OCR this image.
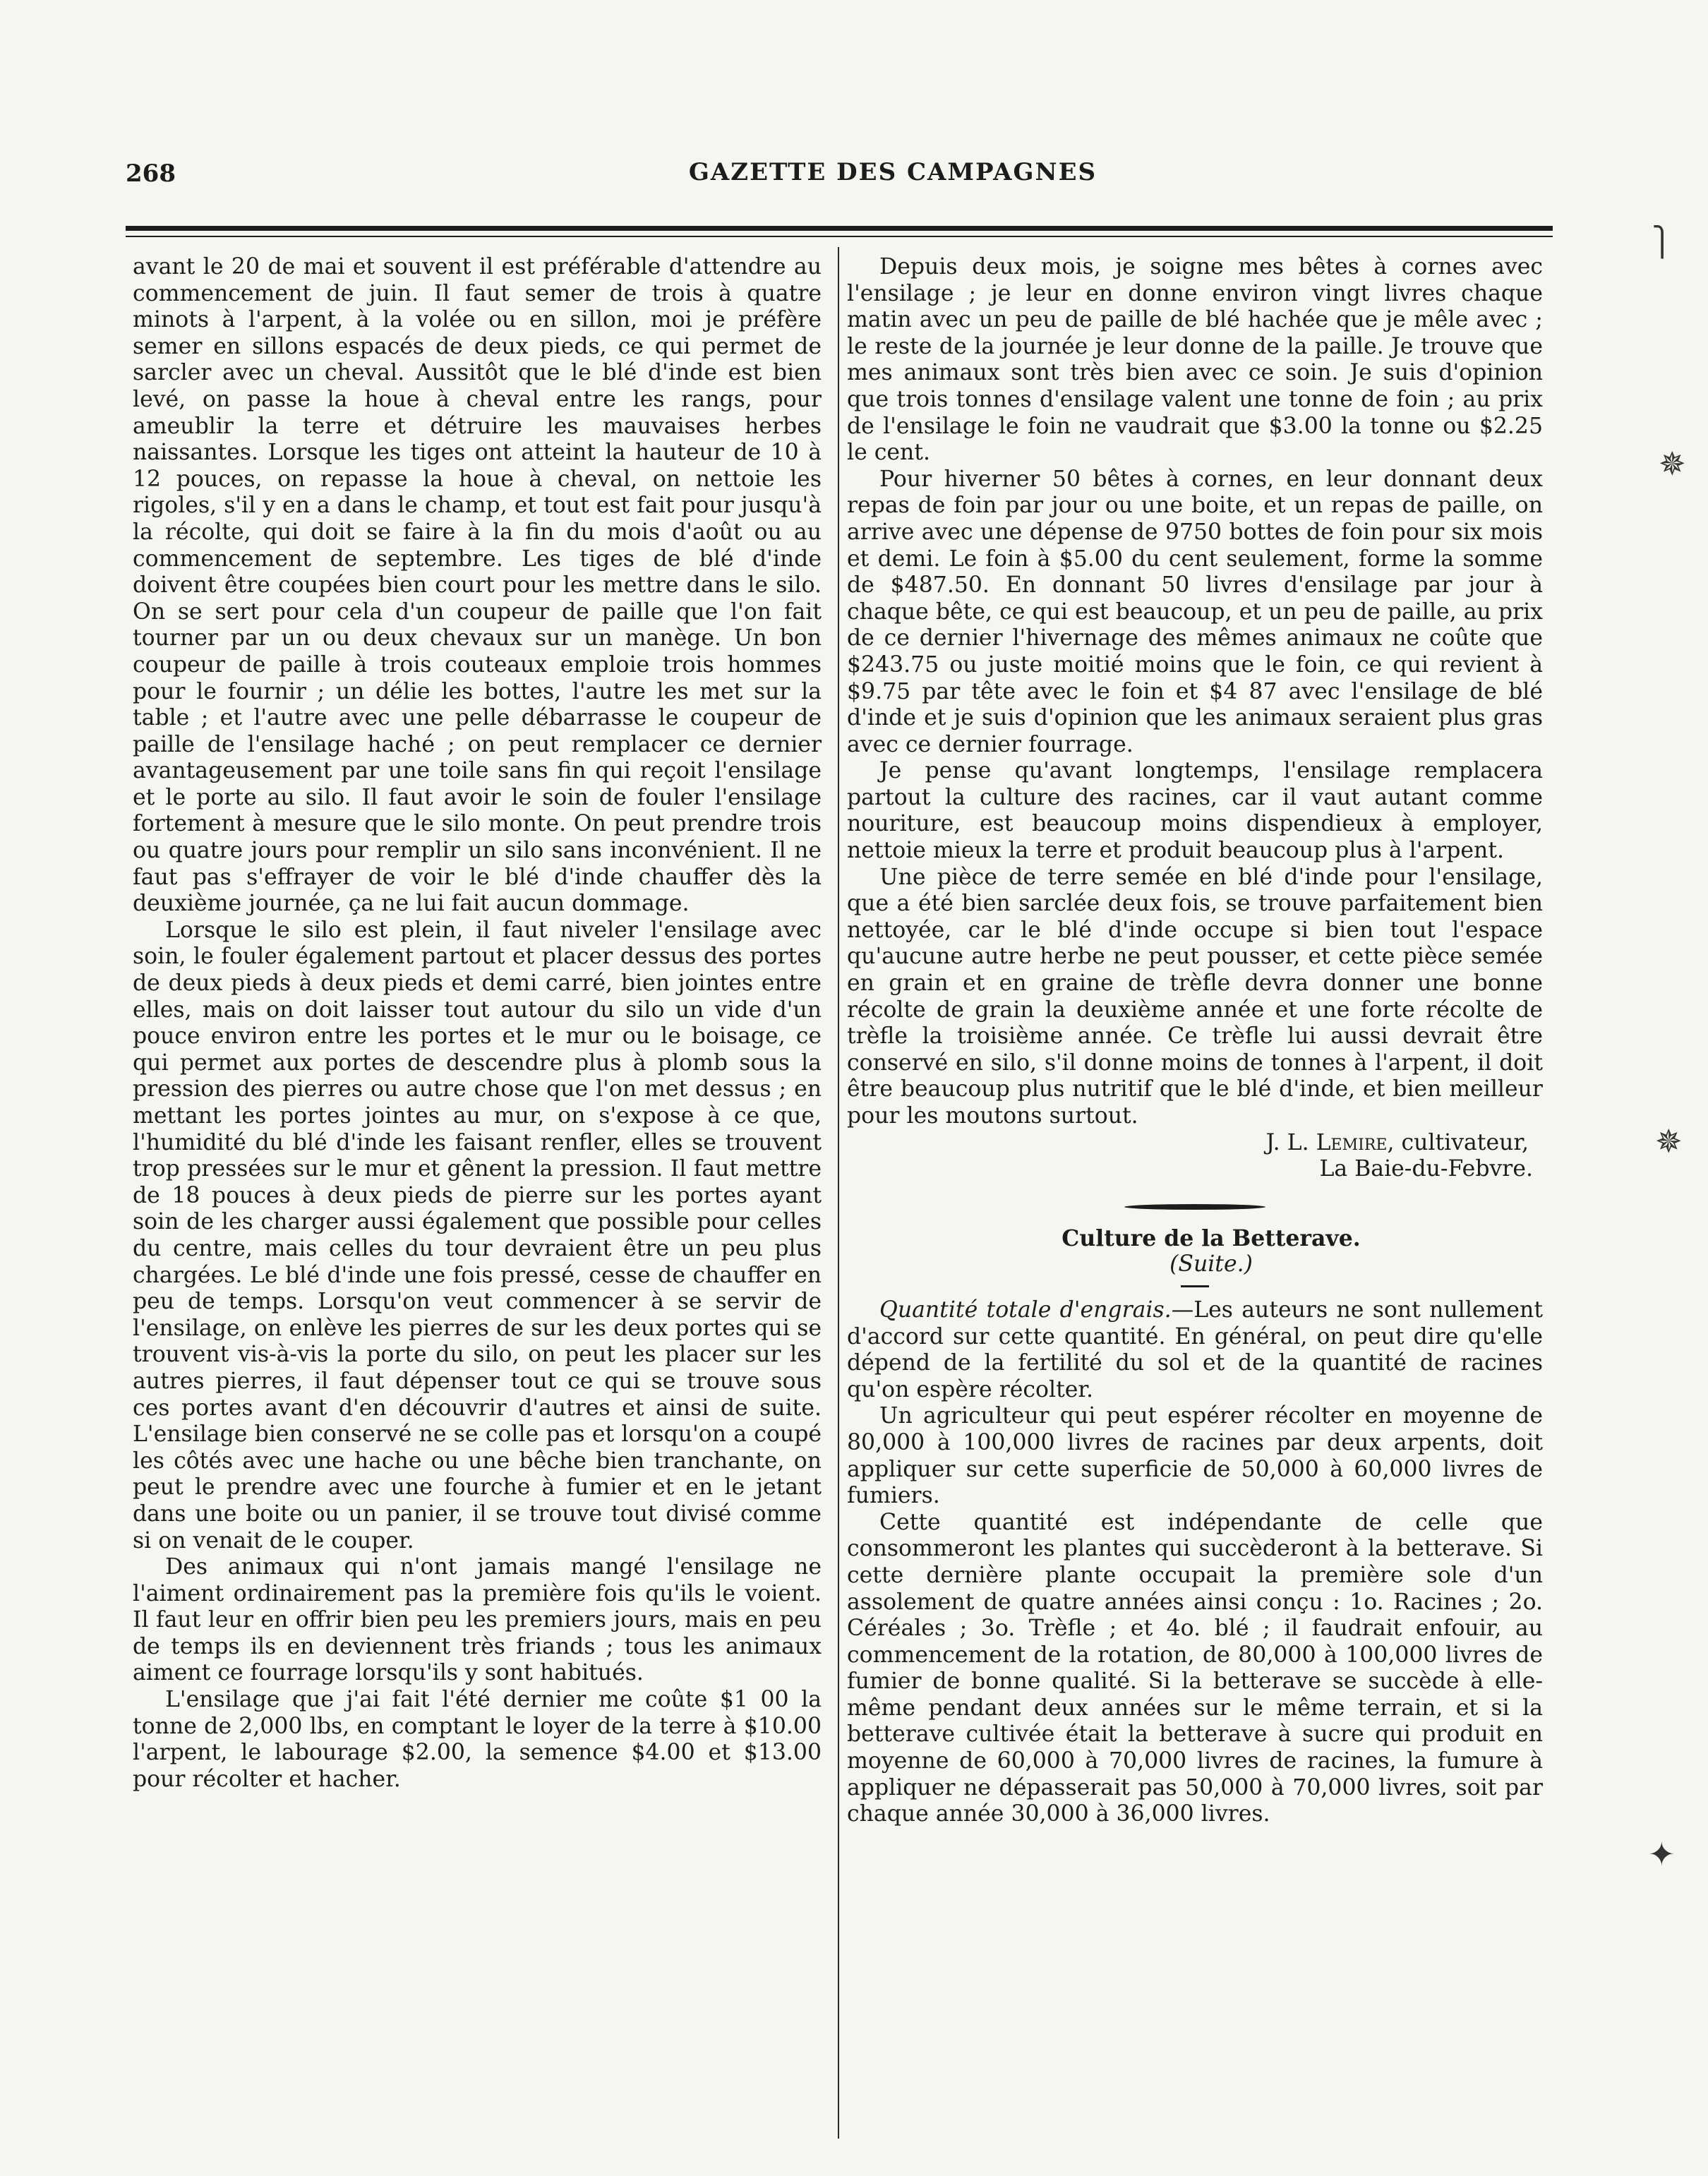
268	GAZETTE DES CAMPAGNES

avant le 20 de mai et souvent il est préférable d'attendre au commencement de juin. Il faut semer de trois à quatre minots à l'arpent, à la volée ou en sillon, moi je préfère semer en sillons espacés de deux pieds, ce qui permet de sarcler avec un cheval. Aussitôt que le blé d'inde est bien levé, on passe la houe à cheval entre les rangs, pour ameublir la terre et détruire les mauvaises herbes naissantes. Lorsque les tiges ont atteint la hauteur de 10 à 12 pouces, on repasse la houe à cheval, on nettoie les rigoles, s'il y en a dans le champ, et tout est fait pour jusqu'à la récolte, qui doit se faire à la fin du mois d'août ou au commencement de septembre. Les tiges de blé d'inde doivent être coupées bien court pour les mettre dans le silo. On se sert pour cela d'un coupeur de paille que l'on fait tourner par un ou deux chevaux sur un manège. Un bon coupeur de paille à trois couteaux emploie trois hommes pour le fournir ; un délie les bottes, l'autre les met sur la table ; et l'autre avec une pelle débarrasse le coupeur de paille de l'ensilage haché ; on peut remplacer ce dernier avantageusement par une toile sans fin qui reçoit l'ensilage et le porte au silo. Il faut avoir le soin de fouler l'ensilage fortement à mesure que le silo monte. On peut prendre trois ou quatre jours pour remplir un silo sans inconvénient. Il ne faut pas s'effrayer de voir le blé d'inde chauffer dès la deuxième journée, ça ne lui fait aucun dommage.

Lorsque le silo est plein, il faut niveler l'ensilage avec soin, le fouler également partout et placer dessus des portes de deux pieds à deux pieds et demi carré, bien jointes entre elles, mais on doit laisser tout autour du silo un vide d'un pouce environ entre les portes et le mur ou le boisage, ce qui permet aux portes de descendre plus à plomb sous la pression des pierres ou autre chose que l'on met dessus ; en mettant les portes jointes au mur, on s'expose à ce que, l'humidité du blé d'inde les faisant renfler, elles se trouvent trop pressées sur le mur et gênent la pression. Il faut mettre de 18 pouces à deux pieds de pierre sur les portes ayant soin de les charger aussi également que possible pour celles du centre, mais celles du tour devraient être un peu plus chargées. Le blé d'inde une fois pressé, cesse de chauffer en peu de temps. Lorsqu'on veut commencer à se servir de l'ensilage, on enlève les pierres de sur les deux portes qui se trouvent vis-à-vis la porte du silo, on peut les placer sur les autres pierres, il faut dépenser tout ce qui se trouve sous ces portes avant d'en découvrir d'autres et ainsi de suite. L'ensilage bien conservé ne se colle pas et lorsqu'on a coupé les côtés avec une hache ou une bêche bien tranchante, on peut le prendre avec une fourche à fumier et en le jetant dans une boite ou un panier, il se trouve tout divisé comme si on venait de le couper.

Des animaux qui n'ont jamais mangé l'ensilage ne l'aiment ordinairement pas la première fois qu'ils le voient. Il faut leur en offrir bien peu les premiers jours, mais en peu de temps ils en deviennent très friands ; tous les animaux aiment ce fourrage lorsqu'ils y sont habitués.

L'ensilage que j'ai fait l'été dernier me coûte $1 00 la tonne de 2,000 lbs, en comptant le loyer de la terre à $10.00 l'arpent, le labourage $2.00, la semence $4.00 et $13.00 pour récolter et hacher.

Depuis deux mois, je soigne mes bêtes à cornes avec l'ensilage ; je leur en donne environ vingt livres chaque matin avec un peu de paille de blé hachée que je mêle avec ; le reste de la journée je leur donne de la paille. Je trouve que mes animaux sont très bien avec ce soin. Je suis d'opinion que trois tonnes d'ensilage valent une tonne de foin ; au prix de l'ensilage le foin ne vaudrait que $3.00 la tonne ou $2.25 le cent.

Pour hiverner 50 bêtes à cornes, en leur donnant deux repas de foin par jour ou une boite, et un repas de paille, on arrive avec une dépense de 9750 bottes de foin pour six mois et demi. Le foin à $5.00 du cent seulement, forme la somme de $487.50. En donnant 50 livres d'ensilage par jour à chaque bête, ce qui est beaucoup, et un peu de paille, au prix de ce dernier l'hivernage des mêmes animaux ne coûte que $243.75 ou juste moitié moins que le foin, ce qui revient à $9.75 par tête avec le foin et $4 87 avec l'ensilage de blé d'inde et je suis d'opinion que les animaux seraient plus gras avec ce dernier fourrage.

Je pense qu'avant longtemps, l'ensilage remplacera partout la culture des racines, car il vaut autant comme nouriture, est beaucoup moins dispendieux à employer, nettoie mieux la terre et produit beaucoup plus à l'arpent.

Une pièce de terre semée en blé d'inde pour l'ensilage, que a été bien sarclée deux fois, se trouve parfaitement bien nettoyée, car le blé d'inde occupe si bien tout l'espace qu'aucune autre herbe ne peut pousser, et cette pièce semée en grain et en graine de trèfle devra donner une bonne récolte de grain la deuxième année et une forte récolte de trèfle la troisième année. Ce trèfle lui aussi devrait être conservé en silo, s'il donne moins de tonnes à l'arpent, il doit être beaucoup plus nutritif que le blé d'inde, et bien meilleur pour les moutons surtout.

J. L. Lemire, cultivateur,

La Baie-du-Febvre.

Culture de la Betterave.

(Suite.)

Quantité totale d'engrais.—Les auteurs ne sont nullement d'accord sur cette quantité. En général, on peut dire qu'elle dépend de la fertilité du sol et de la quantité de racines qu'on espère récolter.

Un agriculteur qui peut espérer récolter en moyenne de 80,000 à 100,000 livres de racines par deux arpents, doit appliquer sur cette superficie de 50,000 à 60,000 livres de fumiers.

Cette quantité est indépendante de celle que consommeront les plantes qui succèderont à la betterave. Si cette dernière plante occupait la première sole d'un assolement de quatre années ainsi conçu : 1o. Racines ; 2o. Céréales ; 3o. Trèfle ; et 4o. blé ; il faudrait enfouir, au commencement de la rotation, de 80,000 à 100,000 livres de fumier de bonne qualité. Si la betterave se succède à elle-même pendant deux années sur le même terrain, et si la betterave cultivée était la betterave à sucre qui produit en moyenne de 60,000 à 70,000 livres de racines, la fumure à appliquer ne dépasserait pas 50,000 à 70,000 livres, soit par chaque année 30,000 à 36,000 livres.

⎫
✵
✵
✦
